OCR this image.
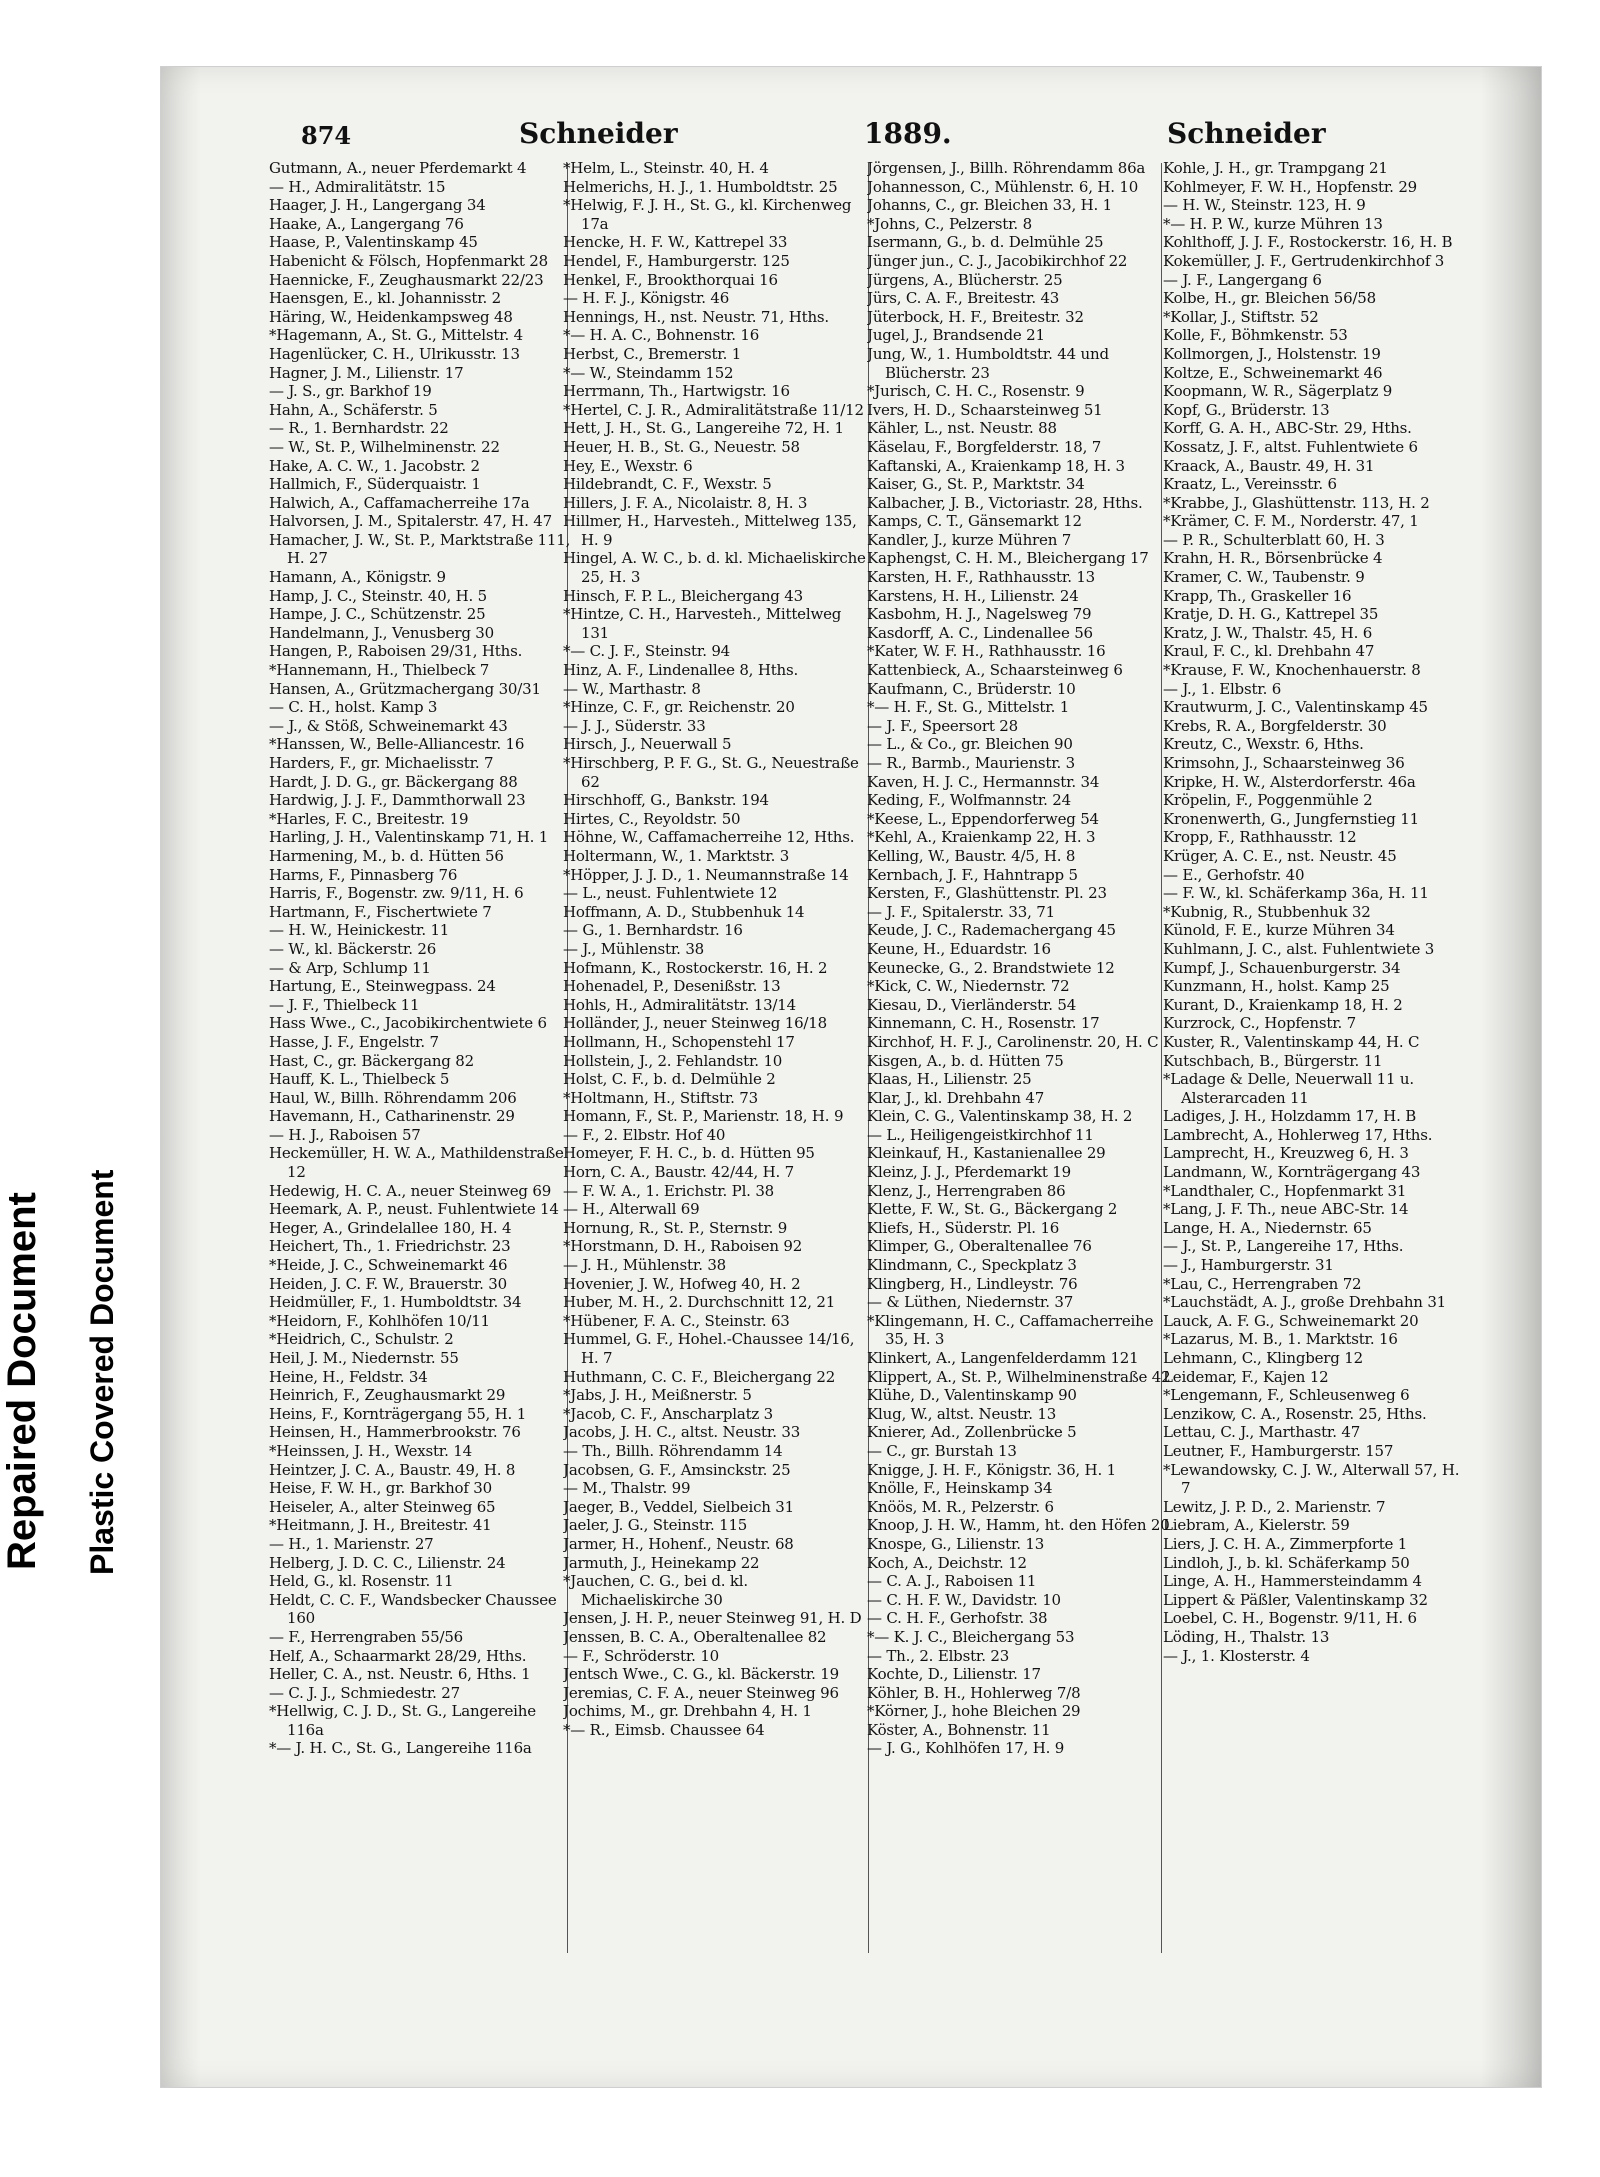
Repaired Document Plastic Covered Document
874	Schneider	1889.	Schneider
Gutmann, A., neuer Pferdemarkt 4
— H., Admiralitätstr. 15
Haager, J. H., Langergang 34
Haake, A., Langergang 76
Haase, P., Valentinskamp 45
Habenicht & Fölsch, Hopfenmarkt 28
Haennicke, F., Zeughausmarkt 22/23
Haensgen, E., kl. Johannisstr. 2
Häring, W., Heidenkampsweg 48
*Hagemann, A., St. G., Mittelstr. 4
Hagenlücker, C. H., Ulrikusstr. 13
Hagner, J. M., Lilienstr. 17
— J. S., gr. Barkhof 19
Hahn, A., Schäferstr. 5
— R., 1. Bernhardstr. 22
— W., St. P., Wilhelminenstr. 22
Hake, A. C. W., 1. Jacobstr. 2
Hallmich, F., Süderquaistr. 1
Halwich, A., Caffamacherreihe 17a
Halvorsen, J. M., Spitalerstr. 47, H. 47
Hamacher, J. W., St. P., Marktstraße 111, H. 27
Hamann, A., Königstr. 9
Hamp, J. C., Steinstr. 40, H. 5
Hampe, J. C., Schützenstr. 25
Handelmann, J., Venusberg 30
Hangen, P., Raboisen 29/31, Hths.
*Hannemann, H., Thielbeck 7
Hansen, A., Grützmachergang 30/31
— C. H., holst. Kamp 3
— J., & Stöß, Schweinemarkt 43
*Hanssen, W., Belle-Alliancestr. 16
Harders, F., gr. Michaelisstr. 7
Hardt, J. D. G., gr. Bäckergang 88
Hardwig, J. J. F., Dammthorwall 23
*Harles, F. C., Breitestr. 19
Harling, J. H., Valentinskamp 71, H. 1
Harmening, M., b. d. Hütten 56
Harms, F., Pinnasberg 76
Harris, F., Bogenstr. zw. 9/11, H. 6
Hartmann, F., Fischertwiete 7
— H. W., Heinickestr. 11
— W., kl. Bäckerstr. 26
— & Arp, Schlump 11
Hartung, E., Steinwegpass. 24
— J. F., Thielbeck 11
Hass Wwe., C., Jacobikirchentwiete 6
Hasse, J. F., Engelstr. 7
Hast, C., gr. Bäckergang 82
Hauff, K. L., Thielbeck 5
Haul, W., Billh. Röhrendamm 206
Havemann, H., Catharinenstr. 29
— H. J., Raboisen 57
Heckemüller, H. W. A., Mathildenstraße 12
Hedewig, H. C. A., neuer Steinweg 69
Heemark, A. P., neust. Fuhlentwiete 14
Heger, A., Grindelallee 180, H. 4
Heichert, Th., 1. Friedrichstr. 23
*Heide, J. C., Schweinemarkt 46
Heiden, J. C. F. W., Brauerstr. 30
Heidmüller, F., 1. Humboldtstr. 34
*Heidorn, F., Kohlhöfen 10/11
*Heidrich, C., Schulstr. 2
Heil, J. M., Niedernstr. 55
Heine, H., Feldstr. 34
Heinrich, F., Zeughausmarkt 29
Heins, F., Kornträgergang 55, H. 1
Heinsen, H., Hammerbrookstr. 76
*Heinssen, J. H., Wexstr. 14
Heintzer, J. C. A., Baustr. 49, H. 8
Heise, F. W. H., gr. Barkhof 30
Heiseler, A., alter Steinweg 65
*Heitmann, J. H., Breitestr. 41
— H., 1. Marienstr. 27
Helberg, J. D. C. C., Lilienstr. 24
Held, G., kl. Rosenstr. 11
Heldt, C. C. F., Wandsbecker Chaussee 160
— F., Herrengraben 55/56
Helf, A., Schaarmarkt 28/29, Hths.
Heller, C. A., nst. Neustr. 6, Hths. 1
— C. J. J., Schmiedestr. 27
*Hellwig, C. J. D., St. G., Langereihe 116a
*— J. H. C., St. G., Langereihe 116a
*Helm, L., Steinstr. 40, H. 4
Helmerichs, H. J., 1. Humboldtstr. 25
*Helwig, F. J. H., St. G., kl. Kirchenweg 17a
Hencke, H. F. W., Kattrepel 33
Hendel, F., Hamburgerstr. 125
Henkel, F., Brookthorquai 16
— H. F. J., Königstr. 46
Hennings, H., nst. Neustr. 71, Hths.
*— H. A. C., Bohnenstr. 16
Herbst, C., Bremerstr. 1
*— W., Steindamm 152
Herrmann, Th., Hartwigstr. 16
*Hertel, C. J. R., Admiralitätstraße 11/12
Hett, J. H., St. G., Langereihe 72, H. 1
Heuer, H. B., St. G., Neuestr. 58
Hey, E., Wexstr. 6
Hildebrandt, C. F., Wexstr. 5
Hillers, J. F. A., Nicolaistr. 8, H. 3
Hillmer, H., Harvesteh., Mittelweg 135, H. 9
Hingel, A. W. C., b. d. kl. Michaeliskirche 25, H. 3
Hinsch, F. P. L., Bleichergang 43
*Hintze, C. H., Harvesteh., Mittelweg 131
*— C. J. F., Steinstr. 94
Hinz, A. F., Lindenallee 8, Hths.
— W., Marthastr. 8
*Hinze, C. F., gr. Reichenstr. 20
— J. J., Süderstr. 33
Hirsch, J., Neuerwall 5
*Hirschberg, P. F. G., St. G., Neuestraße 62
Hirschhoff, G., Bankstr. 194
Hirtes, C., Reyoldstr. 50
Höhne, W., Caffamacherreihe 12, Hths.
Holtermann, W., 1. Marktstr. 3
*Höpper, J. J. D., 1. Neumannstraße 14
— L., neust. Fuhlentwiete 12
Hoffmann, A. D., Stubbenhuk 14
— G., 1. Bernhardstr. 16
— J., Mühlenstr. 38
Hofmann, K., Rostockerstr. 16, H. 2
Hohenadel, P., Desenißstr. 13
Hohls, H., Admiralitätstr. 13/14
Holländer, J., neuer Steinweg 16/18
Hollmann, H., Schopenstehl 17
Hollstein, J., 2. Fehlandstr. 10
Holst, C. F., b. d. Delmühle 2
*Holtmann, H., Stiftstr. 73
Homann, F., St. P., Marienstr. 18, H. 9
— F., 2. Elbstr. Hof 40
Homeyer, F. H. C., b. d. Hütten 95
Horn, C. A., Baustr. 42/44, H. 7
— F. W. A., 1. Erichstr. Pl. 38
— H., Alterwall 69
Hornung, R., St. P., Sternstr. 9
*Horstmann, D. H., Raboisen 92
— J. H., Mühlenstr. 38
Hovenier, J. W., Hofweg 40, H. 2
Huber, M. H., 2. Durchschnitt 12, 21
*Hübener, F. A. C., Steinstr. 63
Hummel, G. F., Hohel.-Chaussee 14/16, H. 7
Huthmann, C. C. F., Bleichergang 22
*Jabs, J. H., Meißnerstr. 5
*Jacob, C. F., Anscharplatz 3
Jacobs, J. H. C., altst. Neustr. 33
— Th., Billh. Röhrendamm 14
Jacobsen, G. F., Amsinckstr. 25
— M., Thalstr. 99
Jaeger, B., Veddel, Sielbeich 31
Jaeler, J. G., Steinstr. 115
Jarmer, H., Hohenf., Neustr. 68
Jarmuth, J., Heinekamp 22
*Jauchen, C. G., bei d. kl. Michaeliskirche 30
Jensen, J. H. P., neuer Steinweg 91, H. D
Jenssen, B. C. A., Oberaltenallee 82
— F., Schröderstr. 10
Jentsch Wwe., C. G., kl. Bäckerstr. 19
Jeremias, C. F. A., neuer Steinweg 96
Jochims, M., gr. Drehbahn 4, H. 1
*— R., Eimsb. Chaussee 64
Jörgensen, J., Billh. Röhrendamm 86a
Johannesson, C., Mühlenstr. 6, H. 10
Johanns, C., gr. Bleichen 33, H. 1
*Johns, C., Pelzerstr. 8
Isermann, G., b. d. Delmühle 25
Jünger jun., C. J., Jacobikirchhof 22
Jürgens, A., Blücherstr. 25
Jürs, C. A. F., Breitestr. 43
Jüterbock, H. F., Breitestr. 32
Jugel, J., Brandsende 21
Jung, W., 1. Humboldtstr. 44 und Blücherstr. 23
*Jurisch, C. H. C., Rosenstr. 9
Ivers, H. D., Schaarsteinweg 51
Kähler, L., nst. Neustr. 88
Käselau, F., Borgfelderstr. 18, 7
Kaftanski, A., Kraienkamp 18, H. 3
Kaiser, G., St. P., Marktstr. 34
Kalbacher, J. B., Victoriastr. 28, Hths.
Kamps, C. T., Gänsemarkt 12
Kandler, J., kurze Mühren 7
Kaphengst, C. H. M., Bleichergang 17
Karsten, H. F., Rathhausstr. 13
Karstens, H. H., Lilienstr. 24
Kasbohm, H. J., Nagelsweg 79
Kasdorff, A. C., Lindenallee 56
*Kater, W. F. H., Rathhausstr. 16
Kattenbieck, A., Schaarsteinweg 6
Kaufmann, C., Brüderstr. 10
*— H. F., St. G., Mittelstr. 1
— J. F., Speersort 28
— L., & Co., gr. Bleichen 90
— R., Barmb., Maurienstr. 3
Kaven, H. J. C., Hermannstr. 34
Keding, F., Wolfmannstr. 24
*Keese, L., Eppendorferweg 54
*Kehl, A., Kraienkamp 22, H. 3
Kelling, W., Baustr. 4/5, H. 8
Kernbach, J. F., Hahntrapp 5
Kersten, F., Glashüttenstr. Pl. 23
— J. F., Spitalerstr. 33, 71
Keude, J. C., Rademachergang 45
Keune, H., Eduardstr. 16
Keunecke, G., 2. Brandstwiete 12
*Kick, C. W., Niedernstr. 72
Kiesau, D., Vierländerstr. 54
Kinnemann, C. H., Rosenstr. 17
Kirchhof, H. F. J., Carolinenstr. 20, H. C
Kisgen, A., b. d. Hütten 75
Klaas, H., Lilienstr. 25
Klar, J., kl. Drehbahn 47
Klein, C. G., Valentinskamp 38, H. 2
— L., Heiligengeistkirchhof 11
Kleinkauf, H., Kastanienallee 29
Kleinz, J. J., Pferdemarkt 19
Klenz, J., Herrengraben 86
Klette, F. W., St. G., Bäckergang 2
Kliefs, H., Süderstr. Pl. 16
Klimper, G., Oberaltenallee 76
Klindmann, C., Speckplatz 3
Klingberg, H., Lindleystr. 76
— & Lüthen, Niedernstr. 37
*Klingemann, H. C., Caffamacherreihe 35, H. 3
Klinkert, A., Langenfelderdamm 121
Klippert, A., St. P., Wilhelminenstraße 42
Klühe, D., Valentinskamp 90
Klug, W., altst. Neustr. 13
Knierer, Ad., Zollenbrücke 5
— C., gr. Burstah 13
Knigge, J. H. F., Königstr. 36, H. 1
Knölle, F., Heinskamp 34
Knöös, M. R., Pelzerstr. 6
Knoop, J. H. W., Hamm, ht. den Höfen 20
Knospe, G., Lilienstr. 13
Koch, A., Deichstr. 12
— C. A. J., Raboisen 11
— C. H. F. W., Davidstr. 10
— C. H. F., Gerhofstr. 38
*— K. J. C., Bleichergang 53
— Th., 2. Elbstr. 23
Kochte, D., Lilienstr. 17
Köhler, B. H., Hohlerweg 7/8
*Körner, J., hohe Bleichen 29
Köster, A., Bohnenstr. 11
— J. G., Kohlhöfen 17, H. 9
Kohle, J. H., gr. Trampgang 21
Kohlmeyer, F. W. H., Hopfenstr. 29
— H. W., Steinstr. 123, H. 9
*— H. P. W., kurze Mühren 13
Kohlthoff, J. J. F., Rostockerstr. 16, H. B
Kokemüller, J. F., Gertrudenkirchhof 3
— J. F., Langergang 6
Kolbe, H., gr. Bleichen 56/58
*Kollar, J., Stiftstr. 52
Kolle, F., Böhmkenstr. 53
Kollmorgen, J., Holstenstr. 19
Koltze, E., Schweinemarkt 46
Koopmann, W. R., Sägerplatz 9
Kopf, G., Brüderstr. 13
Korff, G. A. H., ABC-Str. 29, Hths.
Kossatz, J. F., altst. Fuhlentwiete 6
Kraack, A., Baustr. 49, H. 31
Kraatz, L., Vereinsstr. 6
*Krabbe, J., Glashüttenstr. 113, H. 2
*Krämer, C. F. M., Norderstr. 47, 1
— P. R., Schulterblatt 60, H. 3
Krahn, H. R., Börsenbrücke 4
Kramer, C. W., Taubenstr. 9
Krapp, Th., Graskeller 16
Kratje, D. H. G., Kattrepel 35
Kratz, J. W., Thalstr. 45, H. 6
Kraul, F. C., kl. Drehbahn 47
*Krause, F. W., Knochenhauerstr. 8
— J., 1. Elbstr. 6
Krautwurm, J. C., Valentinskamp 45
Krebs, R. A., Borgfelderstr. 30
Kreutz, C., Wexstr. 6, Hths.
Krimsohn, J., Schaarsteinweg 36
Kripke, H. W., Alsterdorferstr. 46a
Kröpelin, F., Poggenmühle 2
Kronenwerth, G., Jungfernstieg 11
Kropp, F., Rathhausstr. 12
Krüger, A. C. E., nst. Neustr. 45
— E., Gerhofstr. 40
— F. W., kl. Schäferkamp 36a, H. 11
*Kubnig, R., Stubbenhuk 32
Künold, F. E., kurze Mühren 34
Kuhlmann, J. C., alst. Fuhlentwiete 3
Kumpf, J., Schauenburgerstr. 34
Kunzmann, H., holst. Kamp 25
Kurant, D., Kraienkamp 18, H. 2
Kurzrock, C., Hopfenstr. 7
Kuster, R., Valentinskamp 44, H. C
Kutschbach, B., Bürgerstr. 11
*Ladage & Delle, Neuerwall 11 u. Alsterarcaden 11
Ladiges, J. H., Holzdamm 17, H. B
Lambrecht, A., Hohlerweg 17, Hths.
Lamprecht, H., Kreuzweg 6, H. 3
Landmann, W., Kornträgergang 43
*Landthaler, C., Hopfenmarkt 31
*Lang, J. F. Th., neue ABC-Str. 14
Lange, H. A., Niedernstr. 65
— J., St. P., Langereihe 17, Hths.
— J., Hamburgerstr. 31
*Lau, C., Herrengraben 72
*Lauchstädt, A. J., große Drehbahn 31
Lauck, A. F. G., Schweinemarkt 20
*Lazarus, M. B., 1. Marktstr. 16
Lehmann, C., Klingberg 12
Leidemar, F., Kajen 12
*Lengemann, F., Schleusenweg 6
Lenzikow, C. A., Rosenstr. 25, Hths.
Lettau, C. J., Marthastr. 47
Leutner, F., Hamburgerstr. 157
*Lewandowsky, C. J. W., Alterwall 57, H. 7
Lewitz, J. P. D., 2. Marienstr. 7
Liebram, A., Kielerstr. 59
Liers, J. C. H. A., Zimmerpforte 1
Lindloh, J., b. kl. Schäferkamp 50
Linge, A. H., Hammersteindamm 4
Lippert & Päßler, Valentinskamp 32
Loebel, C. H., Bogenstr. 9/11, H. 6
Löding, H., Thalstr. 13
— J., 1. Klosterstr. 4
